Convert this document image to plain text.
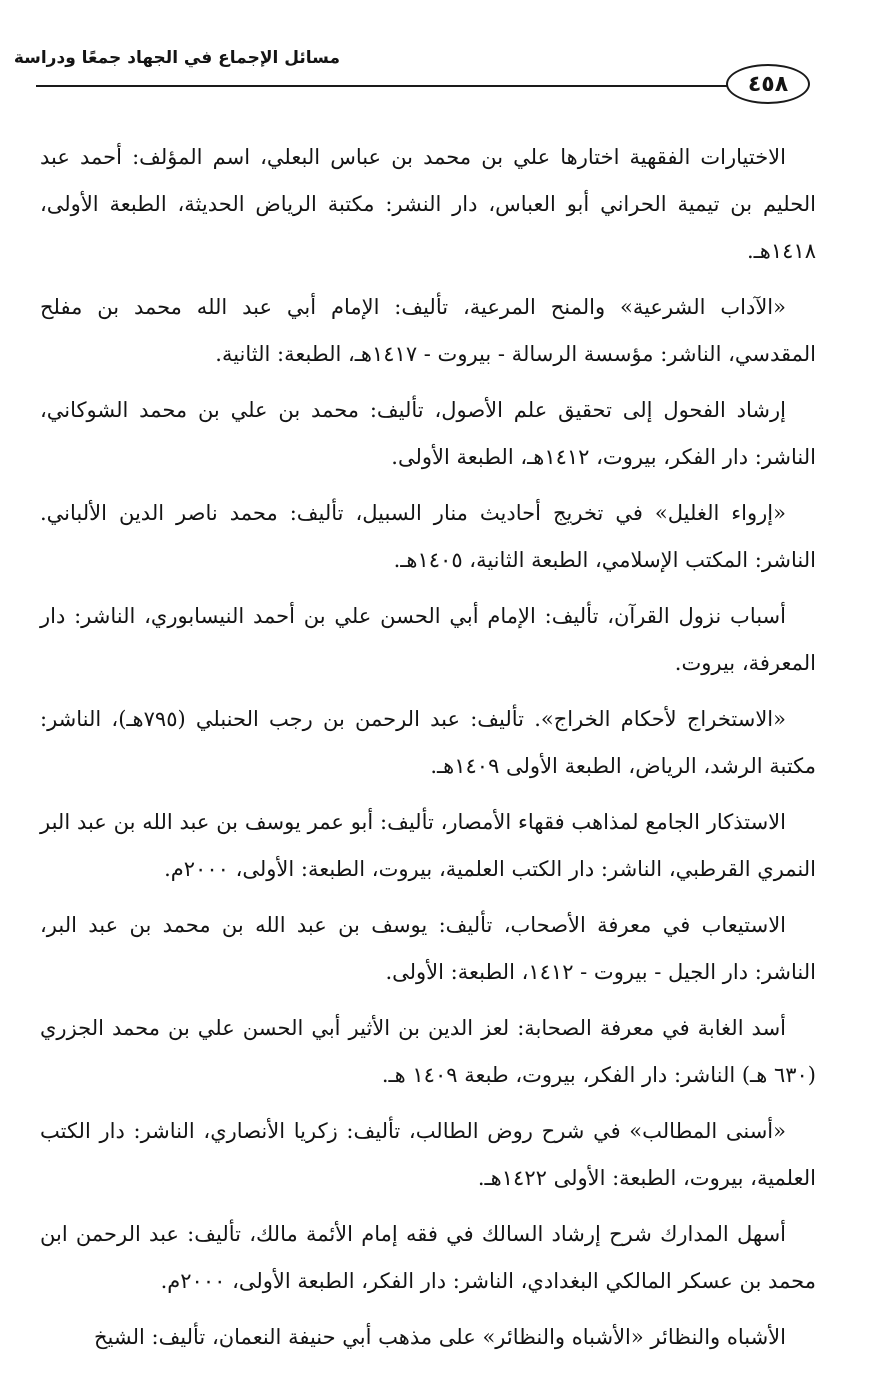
مسائل الإجماع في الجهاد جمعًا ودراسة
٤٥٨

الاختيارات الفقهية اختارها علي بن محمد بن عباس البعلي، اسم المؤلف: أحمد عبد الحليم بن تيمية الحراني أبو العباس، دار النشر: مكتبة الرياض الحديثة، الطبعة الأولى، ١٤١٨هـ.

«الآداب الشرعية» والمنح المرعية، تأليف: الإمام أبي عبد الله محمد بن مفلح المقدسي، الناشر: مؤسسة الرسالة - بيروت - ١٤١٧هـ، الطبعة: الثانية.

إرشاد الفحول إلى تحقيق علم الأصول، تأليف: محمد بن علي بن محمد الشوكاني، الناشر: دار الفكر، بيروت، ١٤١٢هـ، الطبعة الأولى.

«إرواء الغليل» في تخريج أحاديث منار السبيل، تأليف: محمد ناصر الدين الألباني. الناشر: المكتب الإسلامي، الطبعة الثانية، ١٤٠٥هـ.

أسباب نزول القرآن، تأليف: الإمام أبي الحسن علي بن أحمد النيسابوري، الناشر: دار المعرفة، بيروت.

«الاستخراج لأحكام الخراج». تأليف: عبد الرحمن بن رجب الحنبلي (٧٩٥هـ)، الناشر: مكتبة الرشد، الرياض، الطبعة الأولى ١٤٠٩هـ.

الاستذكار الجامع لمذاهب فقهاء الأمصار، تأليف: أبو عمر يوسف بن عبد الله بن عبد البر النمري القرطبي، الناشر: دار الكتب العلمية، بيروت، الطبعة: الأولى، ٢٠٠٠م.

الاستيعاب في معرفة الأصحاب، تأليف: يوسف بن عبد الله بن محمد بن عبد البر، الناشر: دار الجيل - بيروت - ١٤١٢، الطبعة: الأولى.

أسد الغابة في معرفة الصحابة: لعز الدين بن الأثير أبي الحسن علي بن محمد الجزري (٦٣٠ هـ) الناشر: دار الفكر، بيروت، طبعة ١٤٠٩ هـ.

«أسنى المطالب» في شرح روض الطالب، تأليف: زكريا الأنصاري، الناشر: دار الكتب العلمية، بيروت، الطبعة: الأولى ١٤٢٢هـ.

أسهل المدارك شرح إرشاد السالك في فقه إمام الأئمة مالك، تأليف: عبد الرحمن ابن محمد بن عسكر المالكي البغدادي، الناشر: دار الفكر، الطبعة الأولى، ٢٠٠٠م.

الأشباه والنظائر «الأشباه والنظائر» على مذهب أبي حنيفة النعمان، تأليف: الشيخ
